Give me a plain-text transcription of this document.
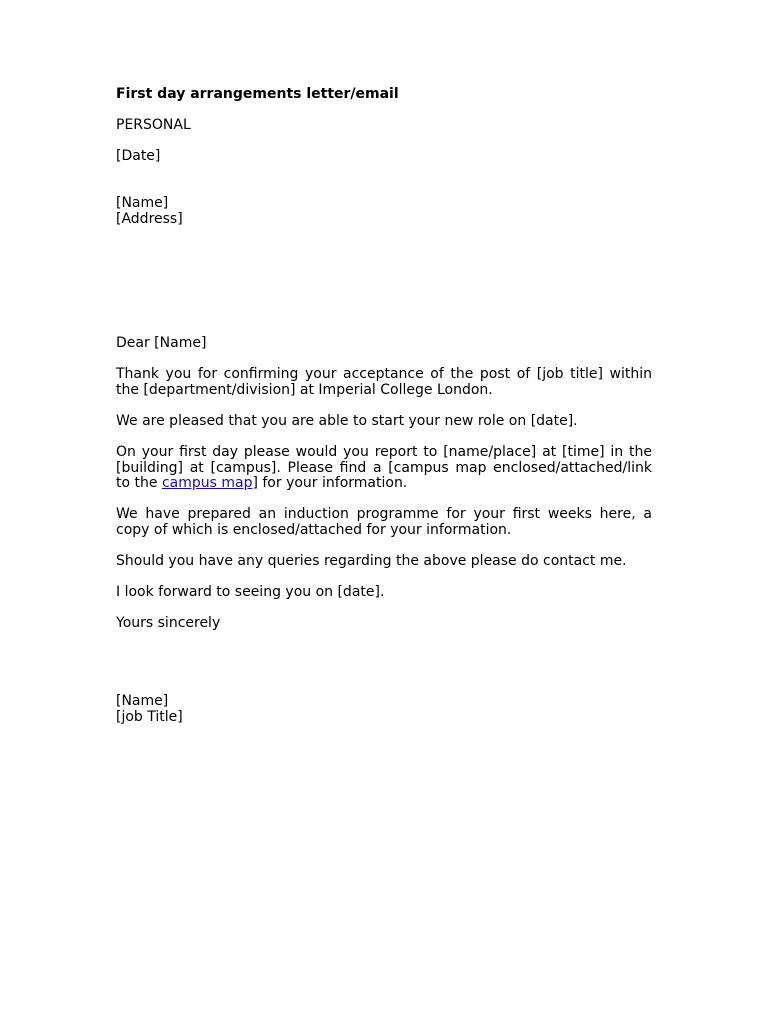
First day arrangements letter/email
PERSONAL
[Date]
[Name]
[Address]
Dear [Name]
Thank you for confirming your acceptance of the post of [job title] within the [department/division] at Imperial College London.
We are pleased that you are able to start your new role on [date].
On your first day please would you report to [name/place] at [time] in the [building] at [campus]. Please find a [campus map enclosed/attached/link to the campus map] for your information.
We have prepared an induction programme for your first weeks here, a copy of which is enclosed/attached for your information.
Should you have any queries regarding the above please do contact me.
I look forward to seeing you on [date].
Yours sincerely
[Name]
[job Title]
